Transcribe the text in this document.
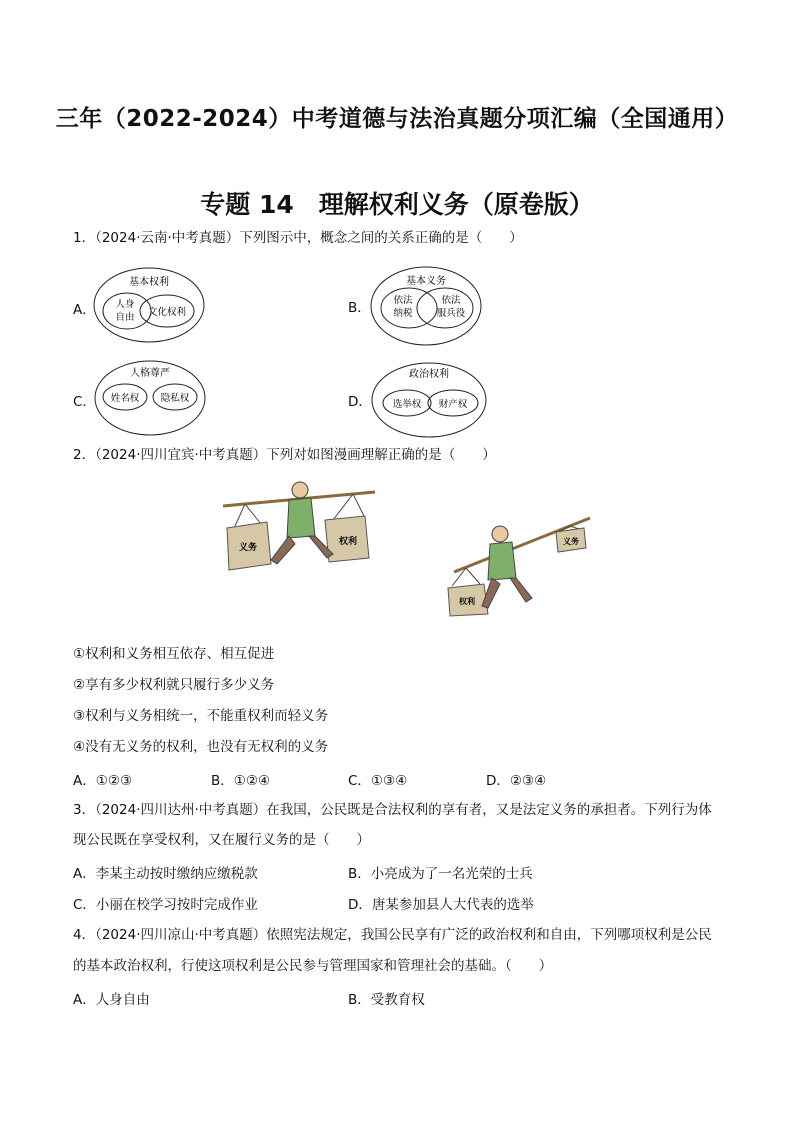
三年（2022-2024）中考道德与法治真题分项汇编（全国通用）
专题 14　理解权利义务（原卷版）
1．（2024·云南·中考真题）下列图示中，概念之间的关系正确的是（　　）
A．
基本权利
人身
自由 文化权利	B．
基本义务
依法
纳税
依法
服兵役
C．
人格尊严
姓名权 隐私权	D．
政治权利
选举权 财产权
2．（2024·四川宜宾·中考真题）下列对如图漫画理解正确的是（　　）
义务
权利
权利
义务
①权利和义务相互依存、相互促进
②享有多少权利就只履行多少义务
③权利与义务相统一，不能重权利而轻义务
④没有无义务的权利，也没有无权利的义务
A．①②③	B．①②④	C．①③④	D．②③④
3．（2024·四川达州·中考真题）在我国，公民既是合法权利的享有者，又是法定义务的承担者。下列行为体
现公民既在享受权利，又在履行义务的是（　　）
A．李某主动按时缴纳应缴税款	B．小亮成为了一名光荣的士兵
C．小丽在校学习按时完成作业	D．唐某参加县人大代表的选举
4．（2024·四川凉山·中考真题）依照宪法规定，我国公民享有广泛的政治权利和自由，下列哪项权利是公民
的基本政治权利，行使这项权利是公民参与管理国家和管理社会的基础。（　　）
A．人身自由	B．受教育权
